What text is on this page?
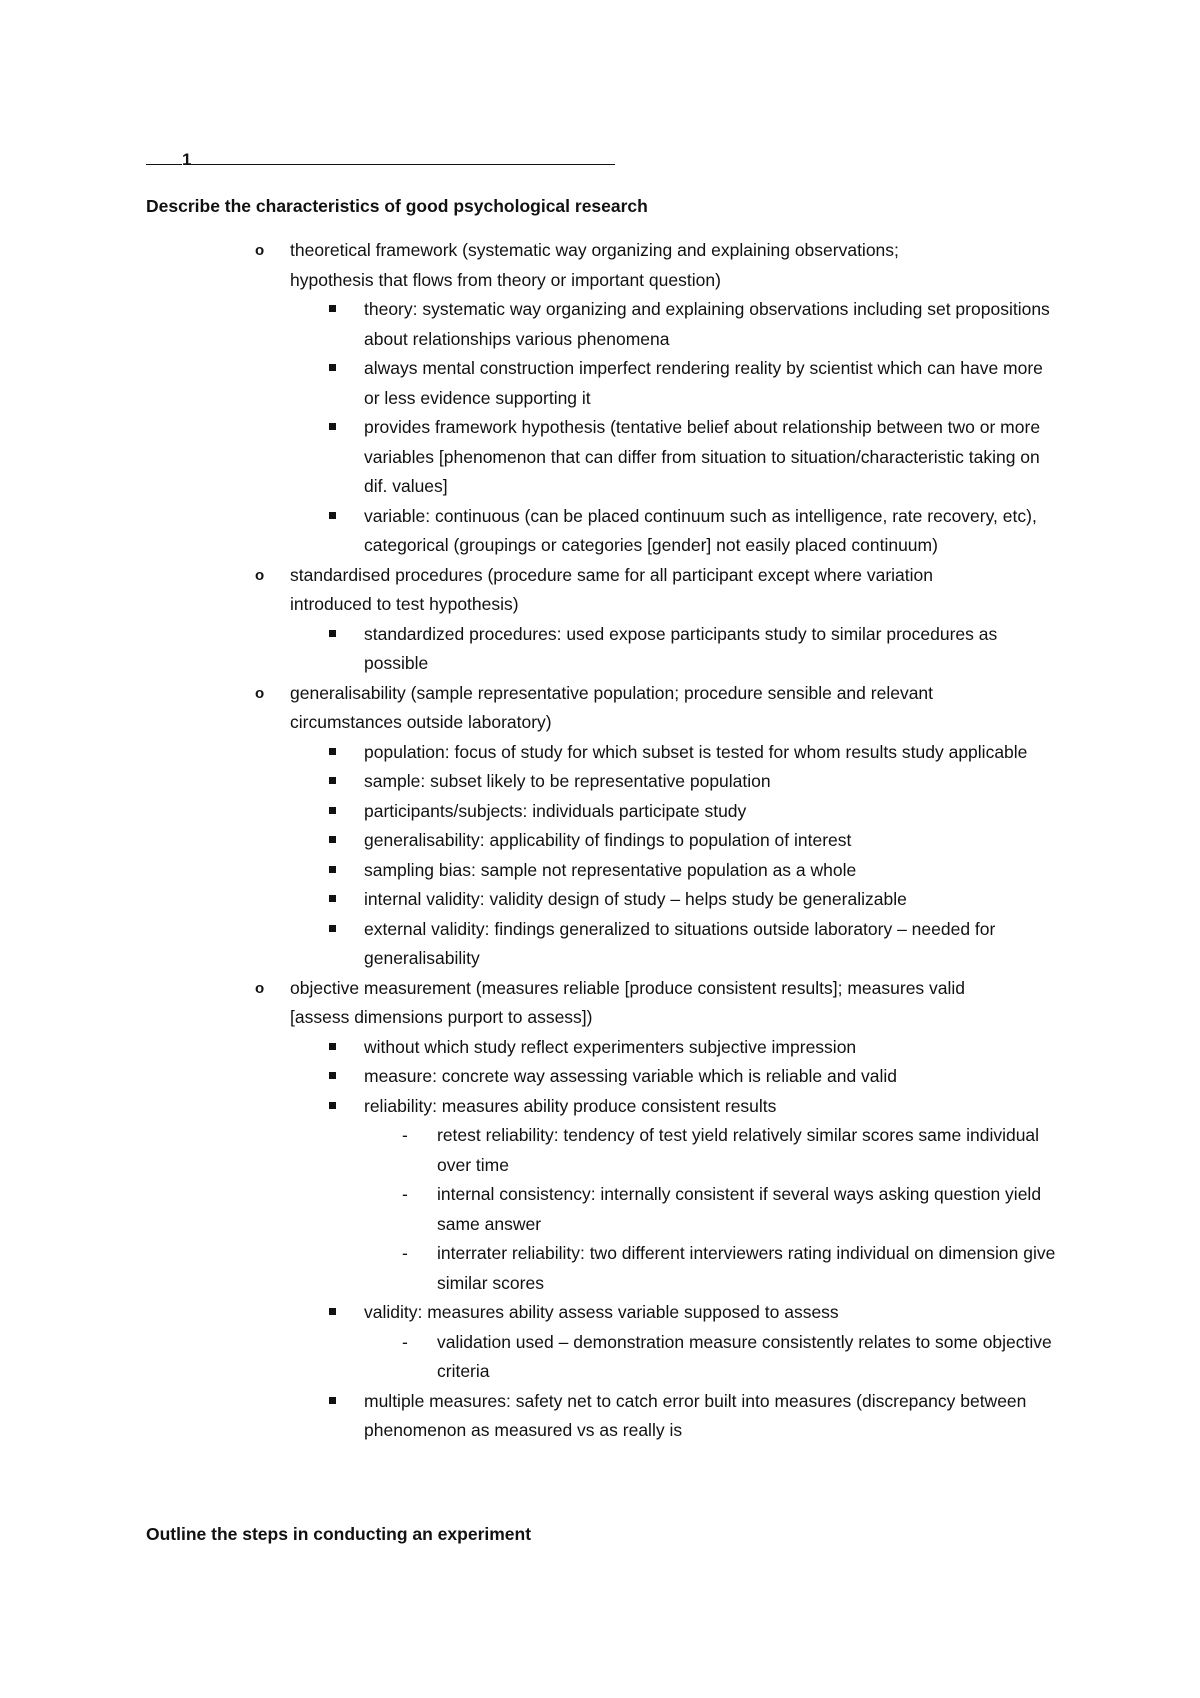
1
Describe the characteristics of good psychological research
o theoretical framework (systematic way organizing and explaining observations; hypothesis that flows from theory or important question)
theory: systematic way organizing and explaining observations including set propositions about relationships various phenomena
always mental construction imperfect rendering reality by scientist which can have more or less evidence supporting it
provides framework hypothesis (tentative belief about relationship between two or more variables [phenomenon that can differ from situation to situation/characteristic taking on dif. values]
variable: continuous (can be placed continuum such as intelligence, rate recovery, etc), categorical (groupings or categories [gender] not easily placed continuum)
o standardised procedures (procedure same for all participant except where variation introduced to test hypothesis)
standardized procedures: used expose participants study to similar procedures as possible
o generalisability (sample representative population; procedure sensible and relevant circumstances outside laboratory)
population: focus of study for which subset is tested for whom results study applicable
sample: subset likely to be representative population
participants/subjects: individuals participate study
generalisability: applicability of findings to population of interest
sampling bias: sample not representative population as a whole
internal validity: validity design of study – helps study be generalizable
external validity: findings generalized to situations outside laboratory – needed for generalisability
o objective measurement (measures reliable [produce consistent results]; measures valid [assess dimensions purport to assess])
without which study reflect experimenters subjective impression
measure: concrete way assessing variable which is reliable and valid
reliability: measures ability produce consistent results
- retest reliability: tendency of test yield relatively similar scores same individual over time
- internal consistency: internally consistent if several ways asking question yield same answer
- interrater reliability: two different interviewers rating individual on dimension give similar scores
validity: measures ability assess variable supposed to assess
- validation used – demonstration measure consistently relates to some objective criteria
multiple measures: safety net to catch error built into measures (discrepancy between phenomenon as measured vs as really is
Outline the steps in conducting an experiment
